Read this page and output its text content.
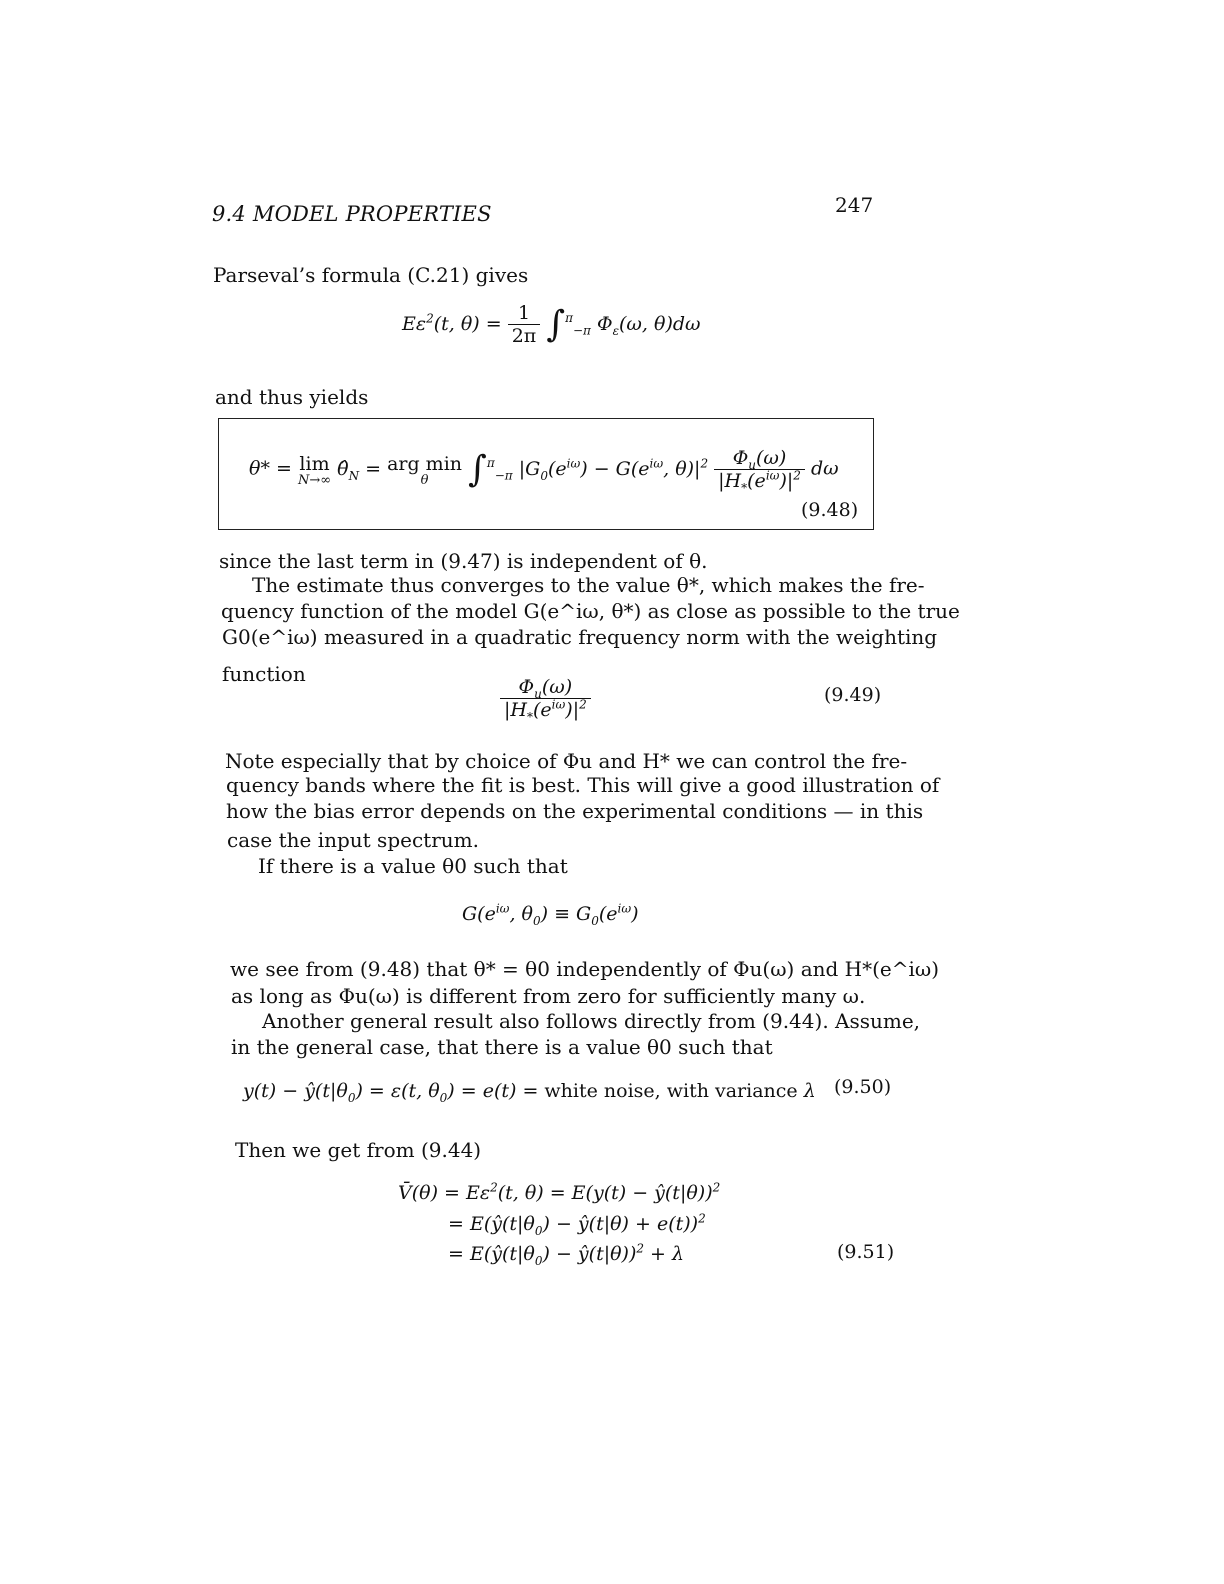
9.4 MODEL PROPERTIES	247
Parseval’s formula (C.21) gives
$E\varepsilon^2(t$, $\theta) = \frac{1}{2\pi} \int^\pi_{-\pi}$ $\Phi_\varepsilon(\omega$, θ)dω
and thus yields
θ* = lim
N→∞
$\thetâ_N$ = arg min
θ	∫$^\pi_{-\pi}$ $|G_0(e^{i\omega}) - G(e^{i\omega}$, $\theta)|^2 \frac{\Phi_u(\omega)}{|H_*(e^{i\omega})|^2}$ dω
(9.48)
since the last term in (9.47) is independent of θ.
The estimate thus converges to the value θ*, which makes the fre-
quency function of the model G(e^iω, θ*) as close as possible to the true
G0(e^iω) measured in a quadratic frequency norm with the weighting
function
$\frac{\Phi_u(\omega)}{|H_*(e^{i\omega})|^2}$	(9.49)
Note especially that by choice of Φu and H* we can control the fre-
quency bands where the fit is best. This will give a good illustration of
how the bias error depends on the experimental conditions — in this
case the input spectrum.
If there is a value θ0 such that
$G(e^{i\omega}$, $\theta_0) \equiv G_0(e^{i\omega})$
we see from (9.48) that θ* = θ0 independently of Φu(ω) and H*(e^iω)
as long as Φu(ω) is different from zero for sufficiently many ω.
Another general result also follows directly from (9.44). Assume,
in the general case, that there is a value θ0 such that
$y(t) - ŷ(t|\theta_0) = \varepsilon(t$, $\theta_0) = e(t)$ = white noise, with variance λ (9.50)
Then we get from (9.44)
V̄(θ) = $E\varepsilon^2(t$, θ) = E(y(t) − ŷ(t|θ))$^2$
= $E(ŷ(t|\theta_0)$ − ŷ(t|θ) + e(t))$^2$
= $E(ŷ(t|\theta_0)$ − ŷ(t|θ))$^2$ + λ	(9.51)
